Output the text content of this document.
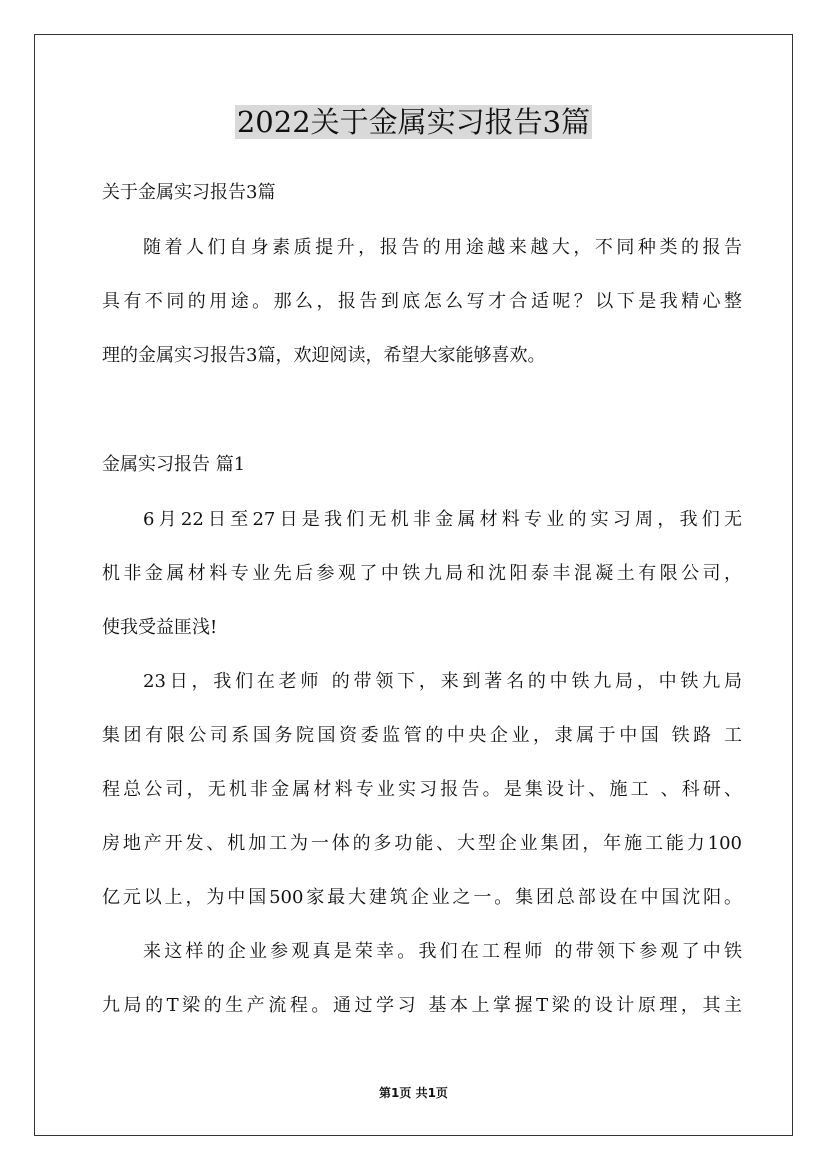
2022关于金属实习报告3篇
关于金属实习报告3篇
随着人们自身素质提升，报告的用途越来越大，不同种类的报告
具有不同的用途。那么，报告到底怎么写才合适呢？以下是我精心整
理的金属实习报告3篇，欢迎阅读，希望大家能够喜欢。
金属实习报告 篇1
6月22日至27日是我们无机非金属材料专业的实习周，我们无
机非金属材料专业先后参观了中铁九局和沈阳泰丰混凝土有限公司，
使我受益匪浅!
23日，我们在老师 的带领下，来到著名的中铁九局，中铁九局
集团有限公司系国务院国资委监管的中央企业，隶属于中国 铁路 工
程总公司，无机非金属材料专业实习报告。是集设计、施工 、科研、
房地产开发、机加工为一体的多功能、大型企业集团，年施工能力100
亿元以上，为中国500家最大建筑企业之一。集团总部设在中国沈阳。
来这样的企业参观真是荣幸。我们在工程师 的带领下参观了中铁
九局的T梁的生产流程。通过学习 基本上掌握T梁的设计原理，其主
第1页 共1页
